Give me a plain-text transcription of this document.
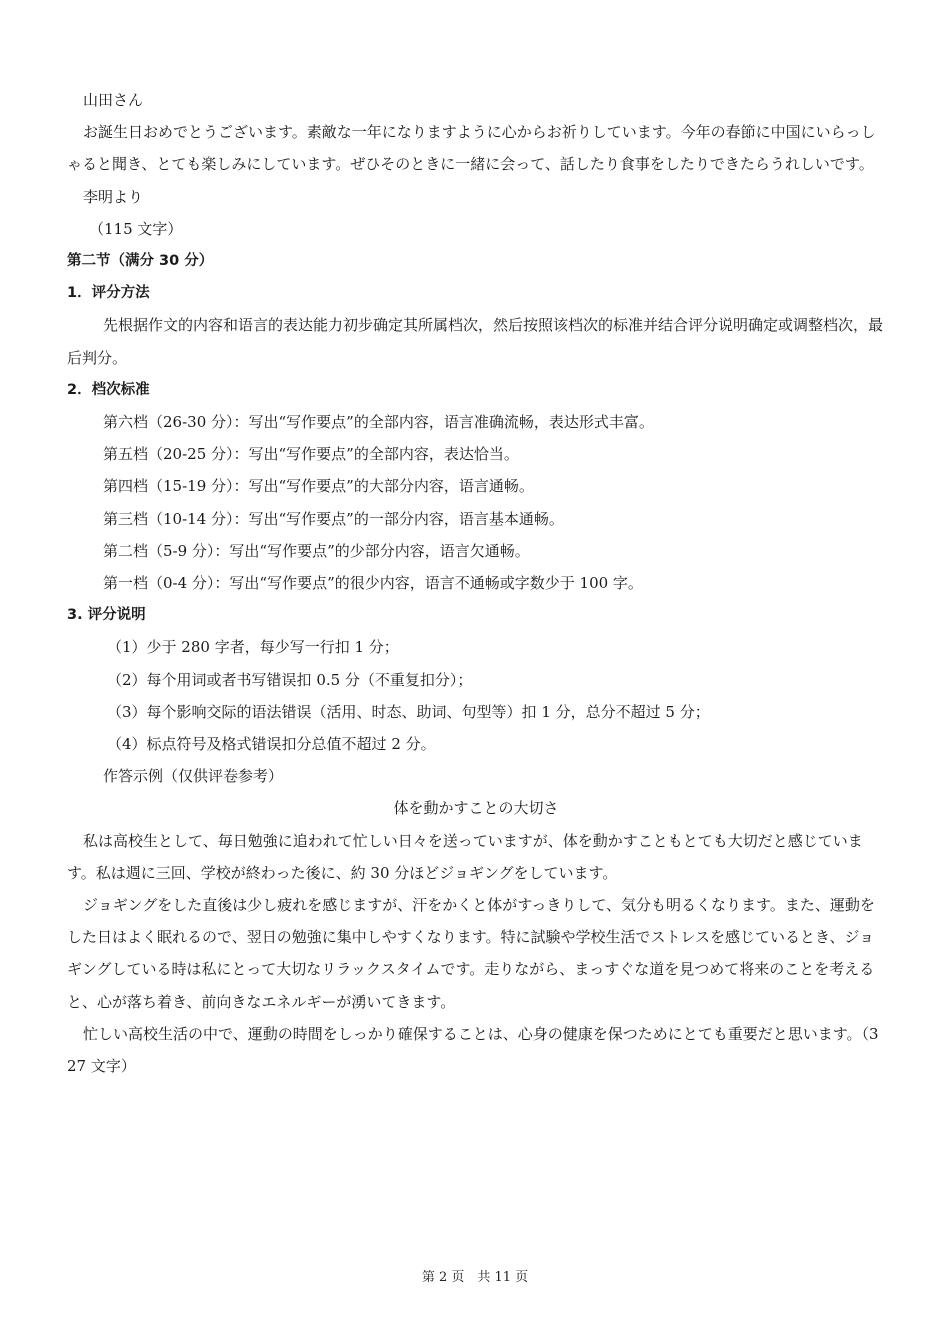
山田さん

お誕生日おめでとうございます。素敵な一年になりますように心からお祈りしています。今年の春節に中国にいらっしゃると聞き、とても楽しみにしています。ぜひそのときに一緒に会って、話したり食事をしたりできたらうれしいです。

李明より

（115 文字）

第二节（满分 30 分）

1．评分方法

先根据作文的内容和语言的表达能力初步确定其所属档次，然后按照该档次的标准并结合评分说明确定或调整档次，最后判分。

2．档次标准

第六档（26-30 分）：写出“写作要点”的全部内容，语言准确流畅，表达形式丰富。

第五档（20-25 分）：写出“写作要点”的全部内容，表达恰当。

第四档（15-19 分）：写出“写作要点”的大部分内容，语言通畅。

第三档（10-14 分）：写出“写作要点”的一部分内容，语言基本通畅。

第二档（5-9 分）：写出“写作要点”的少部分内容，语言欠通畅。

第一档（0-4 分）：写出“写作要点”的很少内容，语言不通畅或字数少于 100 字。

3. 评分说明

（1）少于 280 字者，每少写一行扣 1 分；

（2）每个用词或者书写错误扣 0.5 分（不重复扣分）；

（3）每个影响交际的语法错误（活用、时态、助词、句型等）扣 1 分，总分不超过 5 分；

（4）标点符号及格式错误扣分总值不超过 2 分。

作答示例（仅供评卷参考）

体を動かすことの大切さ

私は高校生として、毎日勉強に追われて忙しい日々を送っていますが、体を動かすこともとても大切だと感じています。私は週に三回、学校が終わった後に、約 30 分ほどジョギングをしています。

ジョギングをした直後は少し疲れを感じますが、汗をかくと体がすっきりして、気分も明るくなります。また、運動をした日はよく眠れるので、翌日の勉強に集中しやすくなります。特に試験や学校生活でストレスを感じているとき、ジョギングしている時は私にとって大切なリラックスタイムです。走りながら、まっすぐな道を見つめて将来のことを考えると、心が落ち着き、前向きなエネルギーが湧いてきます。

忙しい高校生活の中で、運動の時間をしっかり確保することは、心身の健康を保つためにとても重要だと思います。（327 文字）

第 2 页　共 11 页
